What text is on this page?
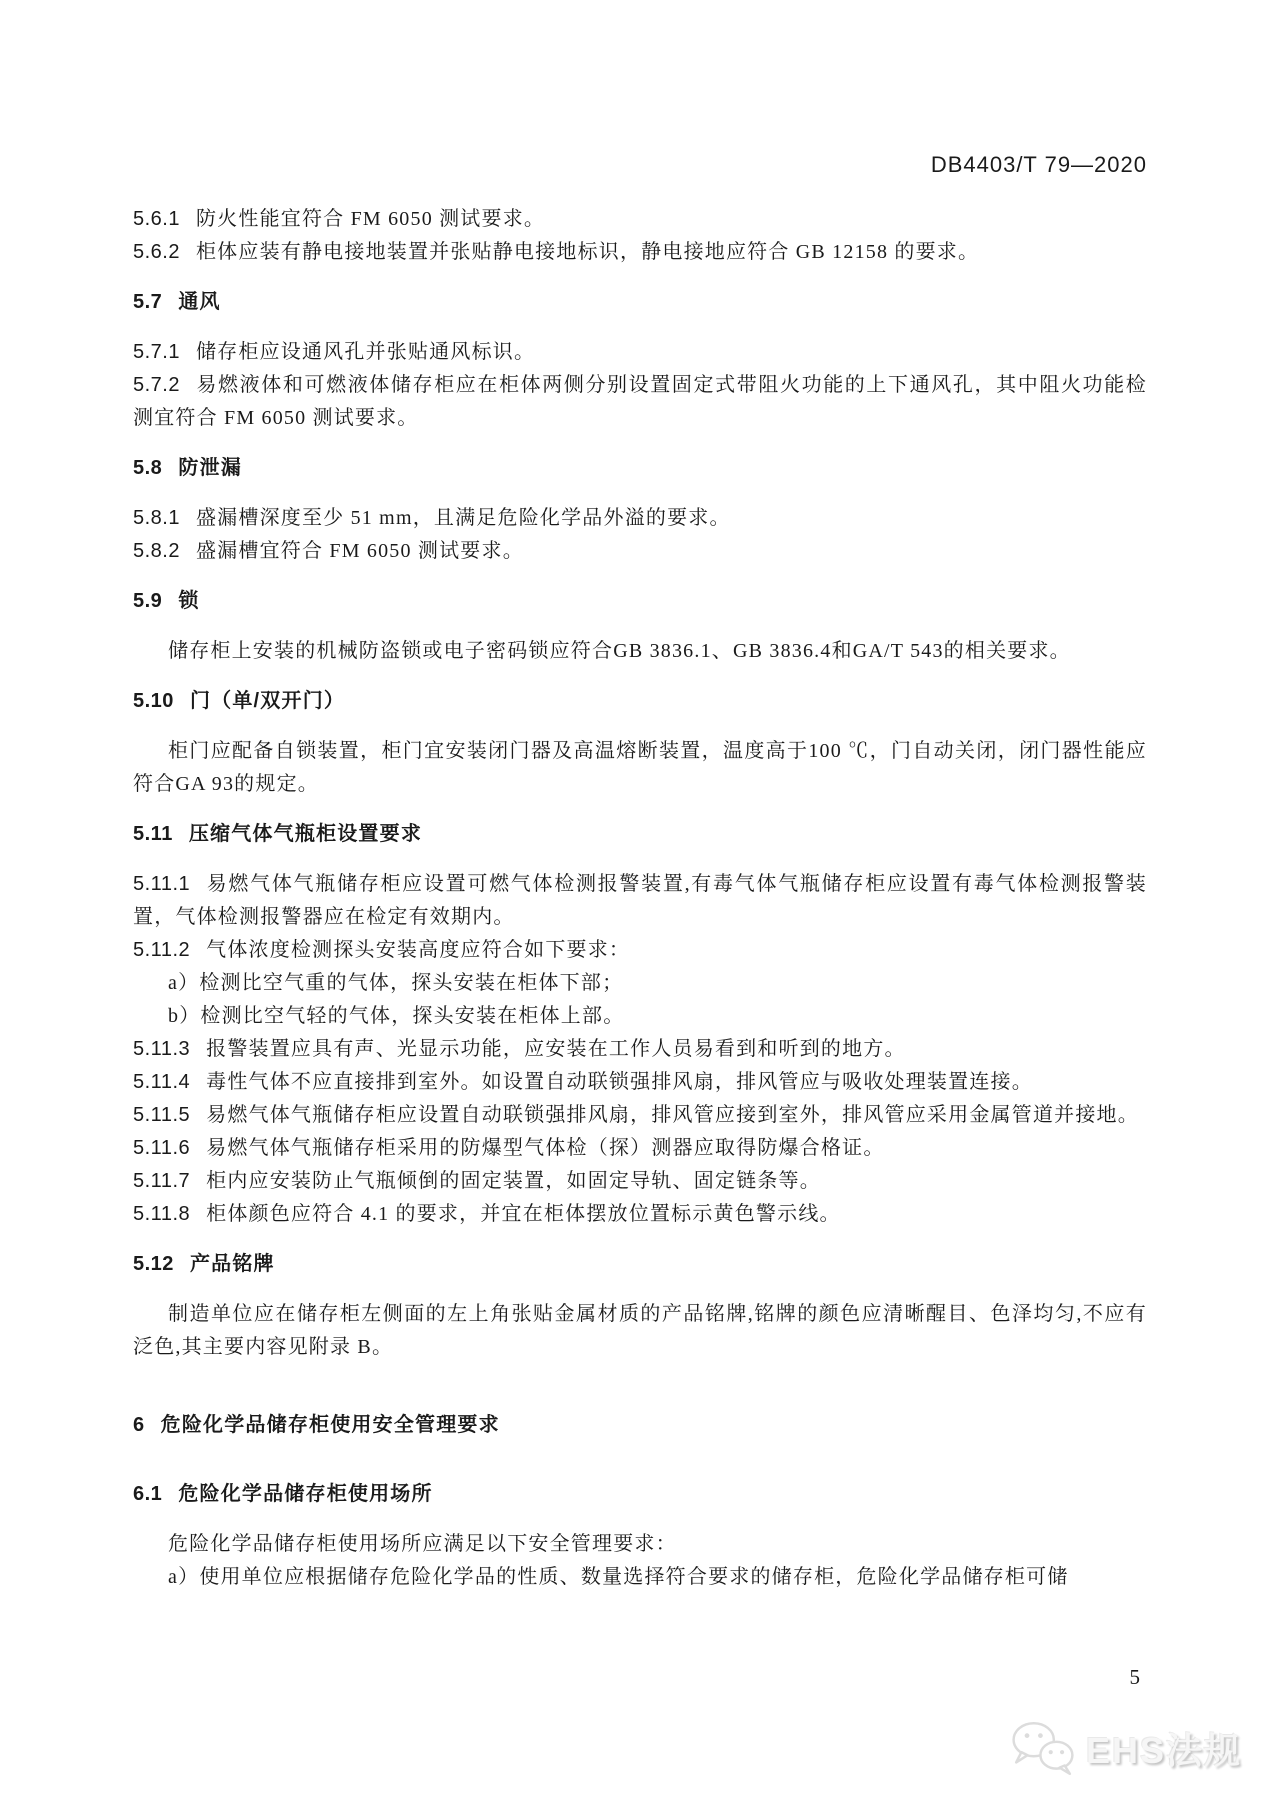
DB4403/T 79—2020

5.6.1 防火性能宜符合 FM 6050 测试要求。

5.6.2 柜体应装有静电接地装置并张贴静电接地标识，静电接地应符合 GB 12158 的要求。

5.7 通风

5.7.1 储存柜应设通风孔并张贴通风标识。

5.7.2 易燃液体和可燃液体储存柜应在柜体两侧分别设置固定式带阻火功能的上下通风孔，其中阻火功能检测宜符合 FM 6050 测试要求。

5.8 防泄漏

5.8.1 盛漏槽深度至少 51 mm，且满足危险化学品外溢的要求。

5.8.2 盛漏槽宜符合 FM 6050 测试要求。

5.9 锁

储存柜上安装的机械防盗锁或电子密码锁应符合GB 3836.1、GB 3836.4和GA/T 543的相关要求。

5.10 门（单/双开门）

柜门应配备自锁装置，柜门宜安装闭门器及高温熔断装置，温度高于100 ℃，门自动关闭，闭门器性能应符合GA 93的规定。

5.11 压缩气体气瓶柜设置要求

5.11.1 易燃气体气瓶储存柜应设置可燃气体检测报警装置,有毒气体气瓶储存柜应设置有毒气体检测报警装置，气体检测报警器应在检定有效期内。

5.11.2 气体浓度检测探头安装高度应符合如下要求：

a）检测比空气重的气体，探头安装在柜体下部；

b）检测比空气轻的气体，探头安装在柜体上部。

5.11.3 报警装置应具有声、光显示功能，应安装在工作人员易看到和听到的地方。

5.11.4 毒性气体不应直接排到室外。如设置自动联锁强排风扇，排风管应与吸收处理装置连接。

5.11.5 易燃气体气瓶储存柜应设置自动联锁强排风扇，排风管应接到室外，排风管应采用金属管道并接地。

5.11.6 易燃气体气瓶储存柜采用的防爆型气体检（探）测器应取得防爆合格证。

5.11.7 柜内应安装防止气瓶倾倒的固定装置，如固定导轨、固定链条等。

5.11.8 柜体颜色应符合 4.1 的要求，并宜在柜体摆放位置标示黄色警示线。

5.12 产品铭牌

制造单位应在储存柜左侧面的左上角张贴金属材质的产品铭牌,铭牌的颜色应清晰醒目、色泽均匀,不应有泛色,其主要内容见附录 B。

6 危险化学品储存柜使用安全管理要求
6.1 危险化学品储存柜使用场所

危险化学品储存柜使用场所应满足以下安全管理要求：

a）使用单位应根据储存危险化学品的性质、数量选择符合要求的储存柜，危险化学品储存柜可储

5
EHS法规
